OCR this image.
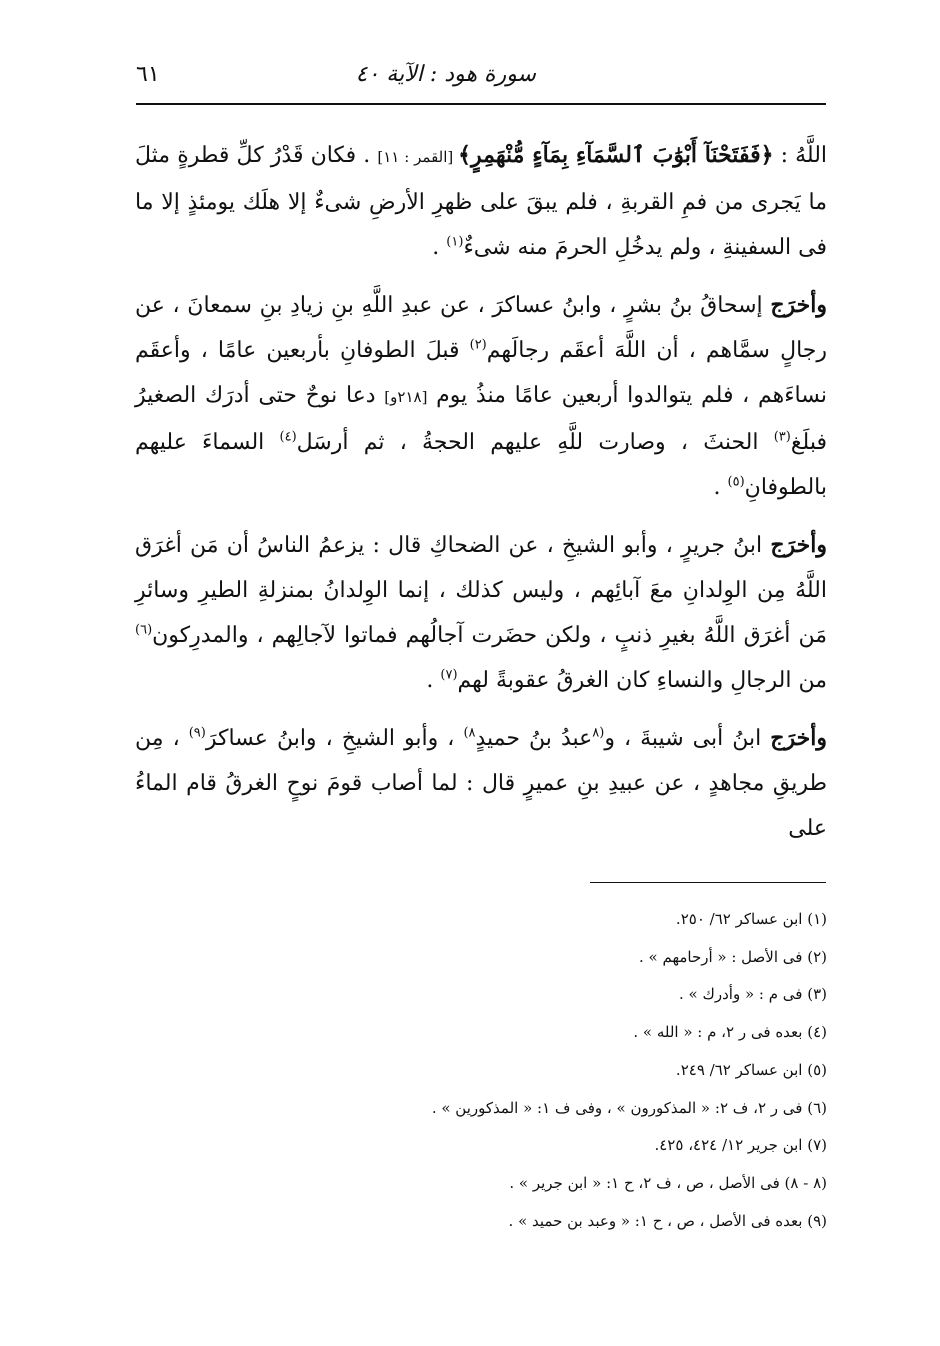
سورة هود : الآية ٤٠
٦١

اللَّهُ : ﴿فَفَتَحْنَآ أَبْوَٰبَ ٱلسَّمَآءِ بِمَآءٍ مُّنْهَمِرٍ﴾ [القمر : ١١] . فكان قَدْرُ كلِّ قطرةٍ مثلَ ما يَجرى من فمِ القربةِ ، فلم يبقَ على ظهرِ الأرضِ شىءٌ إلا هلَك يومئذٍ إلا ما فى السفينةِ ، ولم يدخُلِ الحرمَ منه شىءٌ$^{(١)}$ .

وأخرَج إسحاقُ بنُ بشرٍ ، وابنُ عساكرَ ، عن عبدِ اللَّهِ بنِ زيادِ بنِ سمعانَ ، عن رجالٍ سمَّاهم ، أن اللَّهَ أعقَم رجالَهم$^{(٢)}$ قبلَ الطوفانِ بأربعين عامًا ، وأعقَم نساءَهم ، فلم يتوالدوا أربعين عامًا منذُ يوم [٢١٨و] دعا نوحٌ حتى أدرَك الصغيرُ فبلَغ$^{(٣)}$ الحنثَ ، وصارت للَّهِ عليهم الحجةُ ، ثم أرسَل$^{(٤)}$ السماءَ عليهم بالطوفانِ$^{(٥)}$ .

وأخرَج ابنُ جريرٍ ، وأبو الشيخِ ، عن الضحاكِ قال : يزعمُ الناسُ أن مَن أغرَق اللَّهُ مِن الوِلدانِ معَ آبائِهم ، وليس كذلك ، إنما الوِلدانُ بمنزلةِ الطيرِ وسائرِ مَن أغرَق اللَّهُ بغيرِ ذنبٍ ، ولكن حضَرت آجالُهم فماتوا لآجالِهم ، والمدرِكون$^{(٦)}$ من الرجالِ والنساءِ كان الغرقُ عقوبةً لهم$^{(٧)}$ .

وأخرَج ابنُ أبى شيبةَ ، و$^{(٨}$عبدُ بنُ حميدٍ$^{٨)}$ ، وأبو الشيخِ ، وابنُ عساكرَ$^{(٩)}$ ، مِن طريقِ مجاهدٍ ، عن عبيدِ بنِ عميرٍ قال : لما أصاب قومَ نوحٍ الغرقُ قام الماءُ على

(١) ابن عساكر ٦٢/ ٢٥٠.
(٢) فى الأصل : « أرحامهم » .
(٣) فى م : « وأدرك » .
(٤) بعده فى ر ٢، م : « الله » .
(٥) ابن عساكر ٦٢/ ٢٤٩.
(٦) فى ر ٢، ف ٢: « المذكورون » ، وفى ف ١: « المذكورين » .
(٧) ابن جرير ١٢/ ٤٢٤، ٤٢٥.
(٨ - ٨) فى الأصل ، ص ، ف ٢، ح ١: « ابن جرير » .
(٩) بعده فى الأصل ، ص ، ح ١: « وعبد بن حميد » .
